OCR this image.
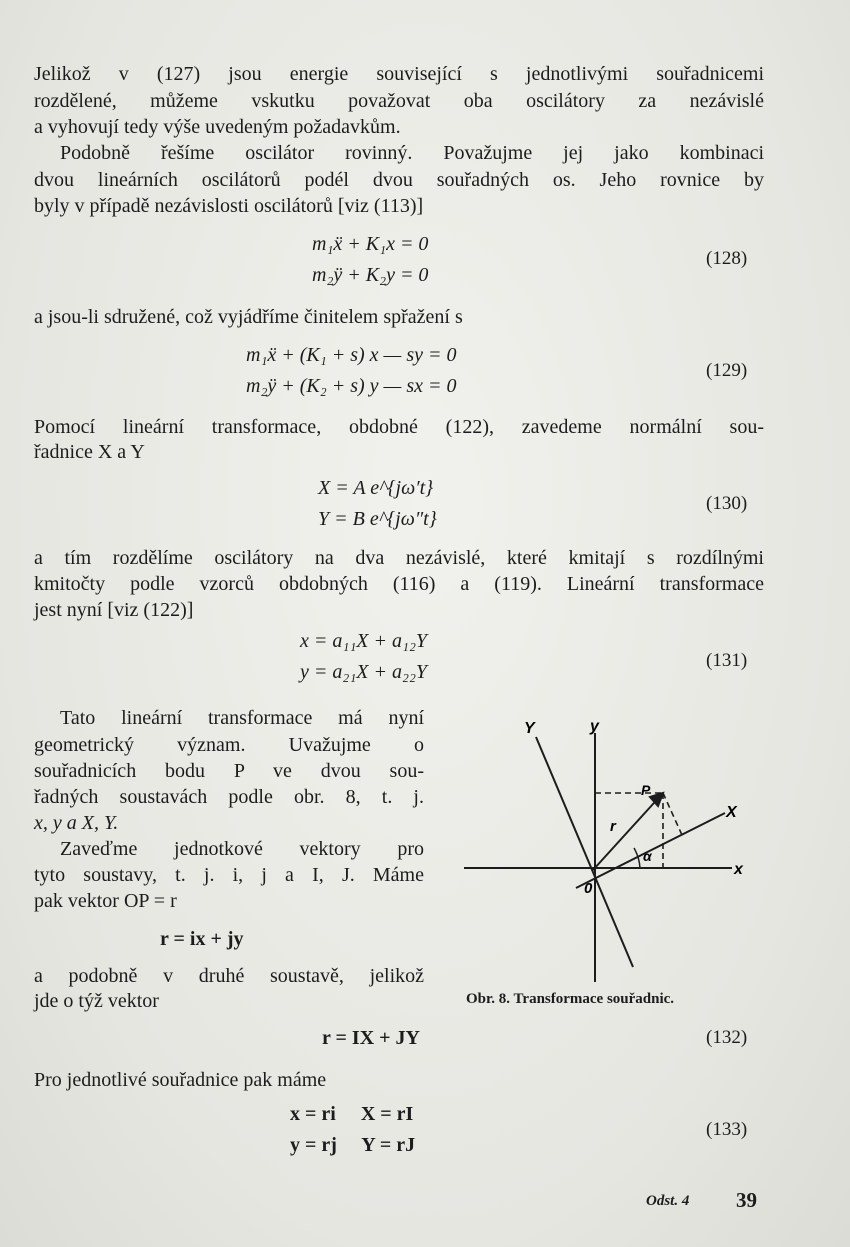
Jelikož v (127) jsou energie související s jednotlivými souřadnicemi
rozdělené, můžeme vskutku považovat oba oscilátory za nezávislé
a vyhovují tedy výše uvedeným požadavkům.
Podobně řešíme oscilátor rovinný. Považujme jej jako kombinaci
dvou lineárních oscilátorů podél dvou souřadných os. Jeho rovnice by
byly v případě nezávislosti oscilátorů [viz (113)]
m₁ẍ + K₁x = 0
m₂ÿ + K₂y = 0
(128)
a jsou-li sdružené, což vyjádříme činitelem spřažení s
m₁ẍ + (K₁ + s) x — sy = 0
m₂ÿ + (K₂ + s) y — sx = 0
(129)
Pomocí lineární transformace, obdobné (122), zavedeme normální sou-
řadnice X a Y
X = A e^{jω′t}
Y = B e^{jω″t}
(130)
a tím rozdělíme oscilátory na dva nezávislé, které kmitají s rozdílnými
kmitočty podle vzorců obdobných (116) a (119). Lineární transformace
jest nyní [viz (122)]
x = a₁₁X + a₁₂Y
y = a₂₁X + a₂₂Y
(131)
Tato lineární transformace má nyní
geometrický význam. Uvažujme o
souřadnicích bodu P ve dvou sou-
řadných soustavách podle obr. 8, t. j.
x, y a X, Y.
Zaveďme jednotkové vektory pro
tyto soustavy, t. j. i, j a I, J. Máme
pak vektor OP = r
r = ix + jy
a podobně v druhé soustavě, jelikož
jde o týž vektor
Y	y
X
x
P
0
r
α
Obr. 8. Transformace souřadnic.
r = IX + JY	(132)
Pro jednotlivé souřadnice pak máme
x = ri     X = rI
y = rj     Y = rJ
(133)
Odst. 4 39
